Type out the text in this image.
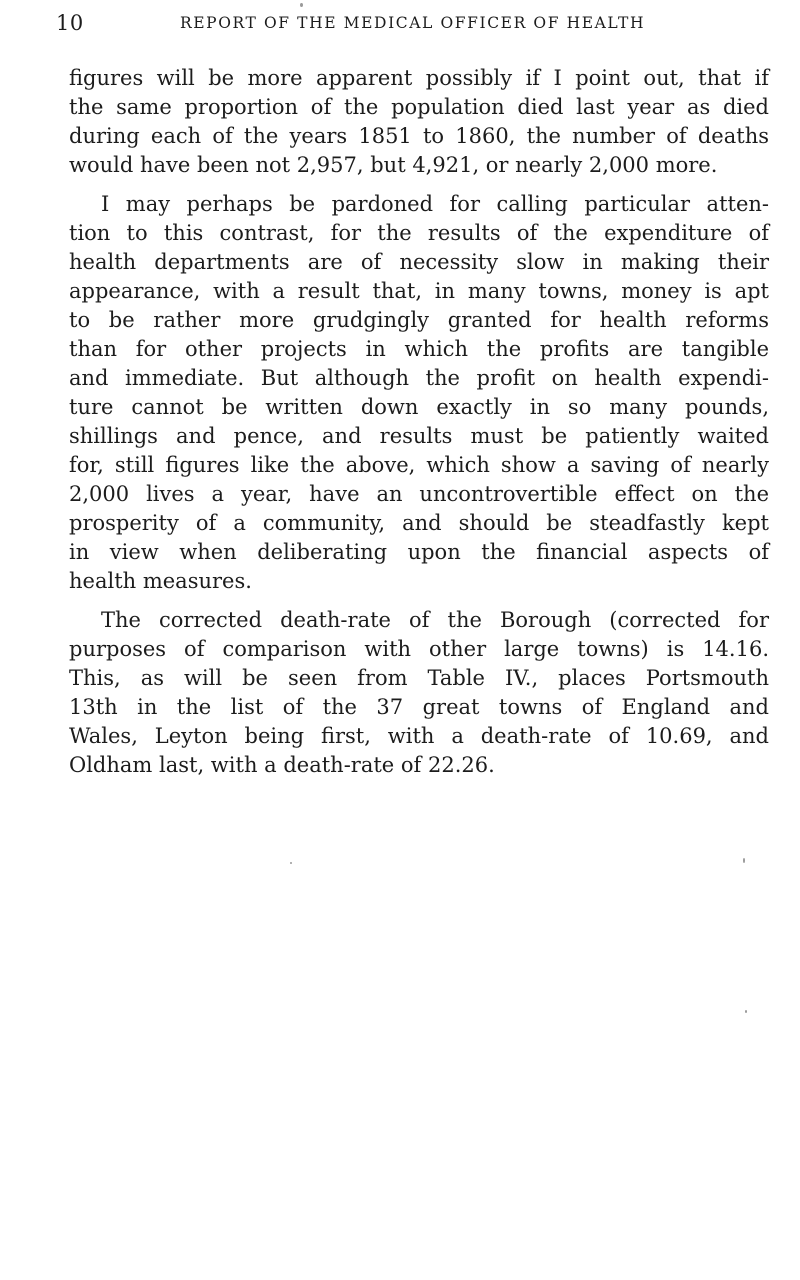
10	REPORT OF THE MEDICAL OFFICER OF HEALTH

figures will be more apparent possibly if I point out, that if
the same proportion of the population died last year as died
during each of the years 1851 to 1860, the number of deaths
would have been not 2,957, but 4,921, or nearly 2,000 more.

I may perhaps be pardoned for calling particular atten-
tion to this contrast, for the results of the expenditure of
health departments are of necessity slow in making their
appearance, with a result that, in many towns, money is apt
to be rather more grudgingly granted for health reforms
than for other projects in which the profits are tangible
and immediate. But although the profit on health expendi-
ture cannot be written down exactly in so many pounds,
shillings and pence, and results must be patiently waited
for, still figures like the above, which show a saving of nearly
2,000 lives a year, have an uncontrovertible effect on the
prosperity of a community, and should be steadfastly kept
in view when deliberating upon the financial aspects of
health measures.

The corrected death-rate of the Borough (corrected for
purposes of comparison with other large towns) is 14.16.
This, as will be seen from Table IV., places Portsmouth
13th in the list of the 37 great towns of England and
Wales, Leyton being first, with a death-rate of 10.69, and
Oldham last, with a death-rate of 22.26.
